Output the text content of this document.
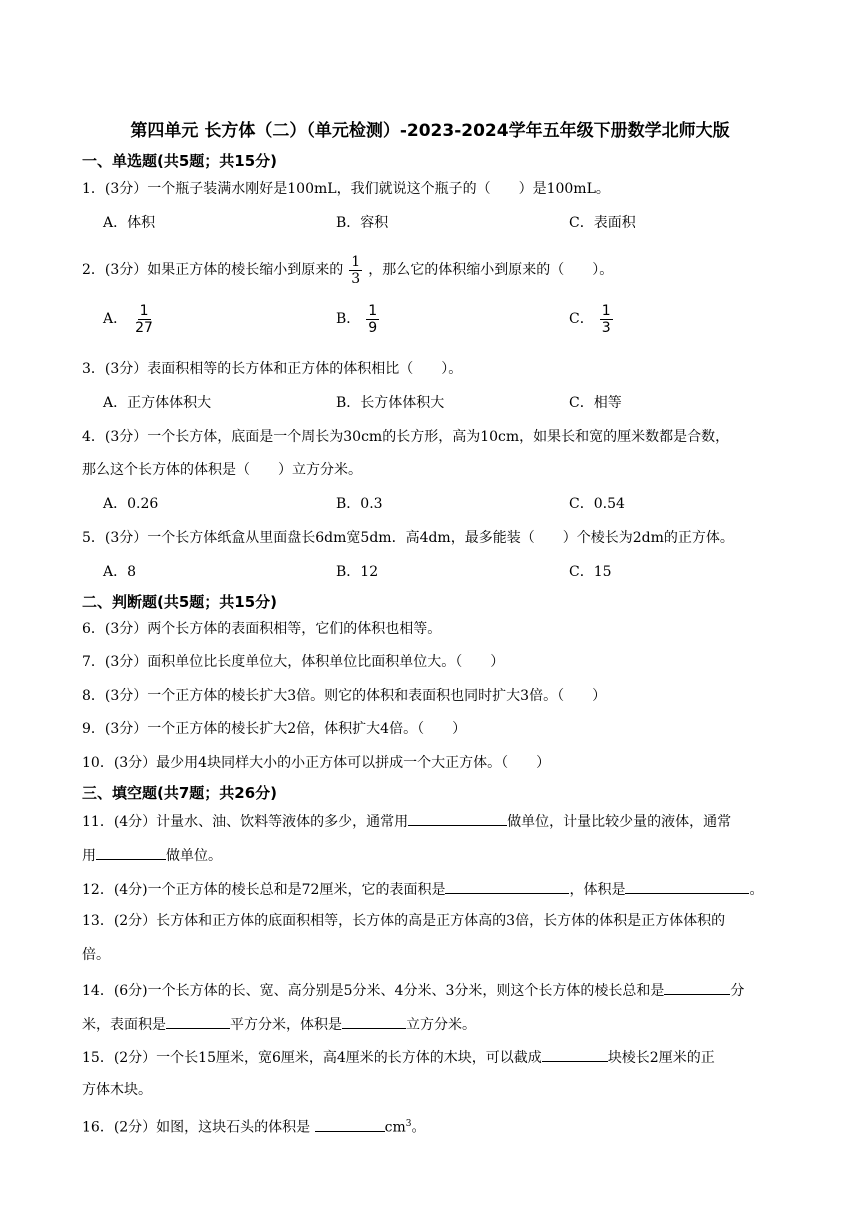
第四单元 长方体（二）（单元检测）-2023-2024学年五年级下册数学北师大版
一、单选题(共5题；共15分)
1．(3分）一个瓶子装满水刚好是100mL，我们就说这个瓶子的（　　）是100mL。
A．体积	B．容积	C．表面积
2．(3分）如果正方体的棱长缩小到原来的 $\frac{1}{3}$ ，那么它的体积缩小到原来的（　　）。
A． $\frac{1}{27}$	B． $\frac{1}{9}$	C． $\frac{1}{3}$
3．(3分）表面积相等的长方体和正方体的体积相比（　　）。
A．正方体体积大	B．长方体体积大	C．相等
4．(3分）一个长方体，底面是一个周长为30cm的长方形，高为10cm，如果长和宽的厘米数都是合数，
那么这个长方体的体积是（　　）立方分米。
A．0.26	B．0.3	C．0.54
5．(3分）一个长方体纸盒从里面盘长6dm宽5dm．高4dm，最多能装（　　）个棱长为2dm的正方体。
A．8	B．12	C．15
二、判断题(共5题；共15分)
6．(3分）两个长方体的表面积相等，它们的体积也相等。
7．(3分）面积单位比长度单位大，体积单位比面积单位大。（　　）
8．(3分）一个正方体的棱长扩大3倍。则它的体积和表面积也同时扩大3倍。（　　）
9．(3分）一个正方体的棱长扩大2倍，体积扩大4倍。（　　）
10．(3分）最少用4块同样大小的小正方体可以拼成一个大正方体。（　　）
三、填空题(共7题；共26分)
11．(4分）计量水、油、饮料等液体的多少，通常用	做单位，计量比较少量的液体，通常
用	做单位。
12．(4分)一个正方体的棱长总和是72厘米，它的表面积是	，体积是	。
13．(2分）长方体和正方体的底面积相等，长方体的高是正方体高的3倍，长方体的体积是正方体体积的
倍。
14．(6分)一个长方体的长、宽、高分别是5分米、4分米、3分米，则这个长方体的棱长总和是	分
米，表面积是	平方分米，体积是	立方分米。
15．(2分）一个长15厘米，宽6厘米，高4厘米的长方体的木块，可以截成	块棱长2厘米的正
方体木块。
16．(2分）如图，这块石头的体积是	$cm^3$。
